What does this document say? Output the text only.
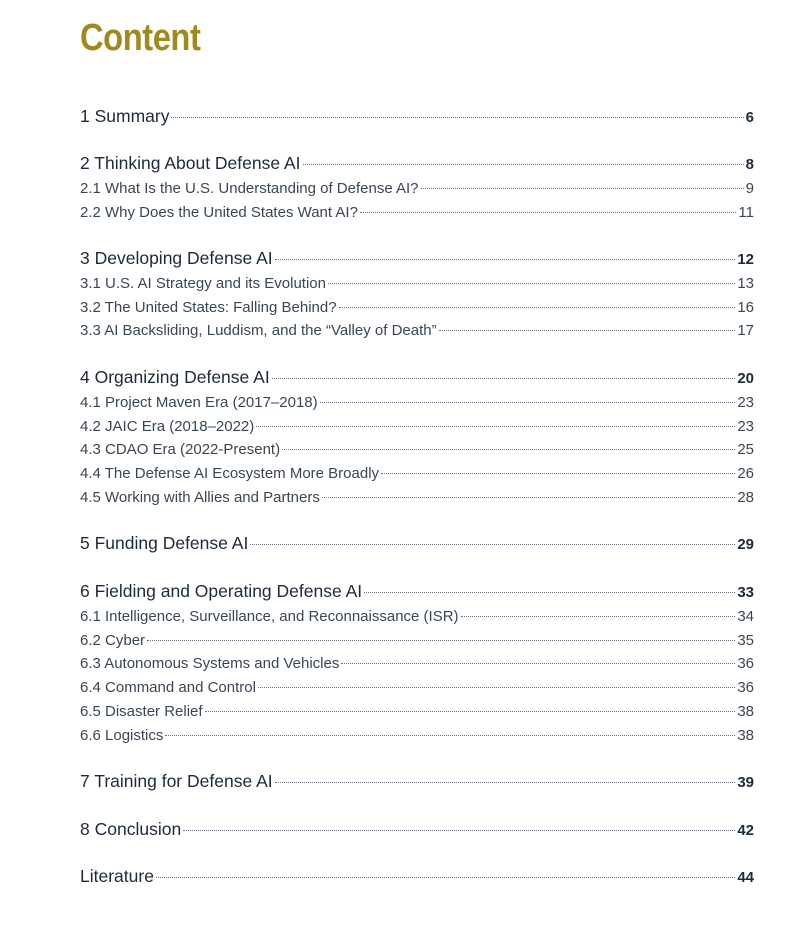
Content
1 Summary	6
2 Thinking About Defense AI	8
2.1 What Is the U.S. Understanding of Defense AI?	9
2.2 Why Does the United States Want AI?	11
3 Developing Defense AI	12
3.1 U.S. AI Strategy and its Evolution	13
3.2 The United States: Falling Behind?	16
3.3 AI Backsliding, Luddism, and the “Valley of Death”	17
4 Organizing Defense AI	20
4.1 Project Maven Era (2017–2018)	23
4.2 JAIC Era (2018–2022)	23
4.3 CDAO Era (2022-Present)	25
4.4 The Defense AI Ecosystem More Broadly	26
4.5 Working with Allies and Partners	28
5 Funding Defense AI	29
6 Fielding and Operating Defense AI	33
6.1 Intelligence, Surveillance, and Reconnaissance (ISR)	34
6.2 Cyber	35
6.3 Autonomous Systems and Vehicles	36
6.4 Command and Control	36
6.5 Disaster Relief	38
6.6 Logistics	38
7 Training for Defense AI	39
8 Conclusion	42
Literature	44
